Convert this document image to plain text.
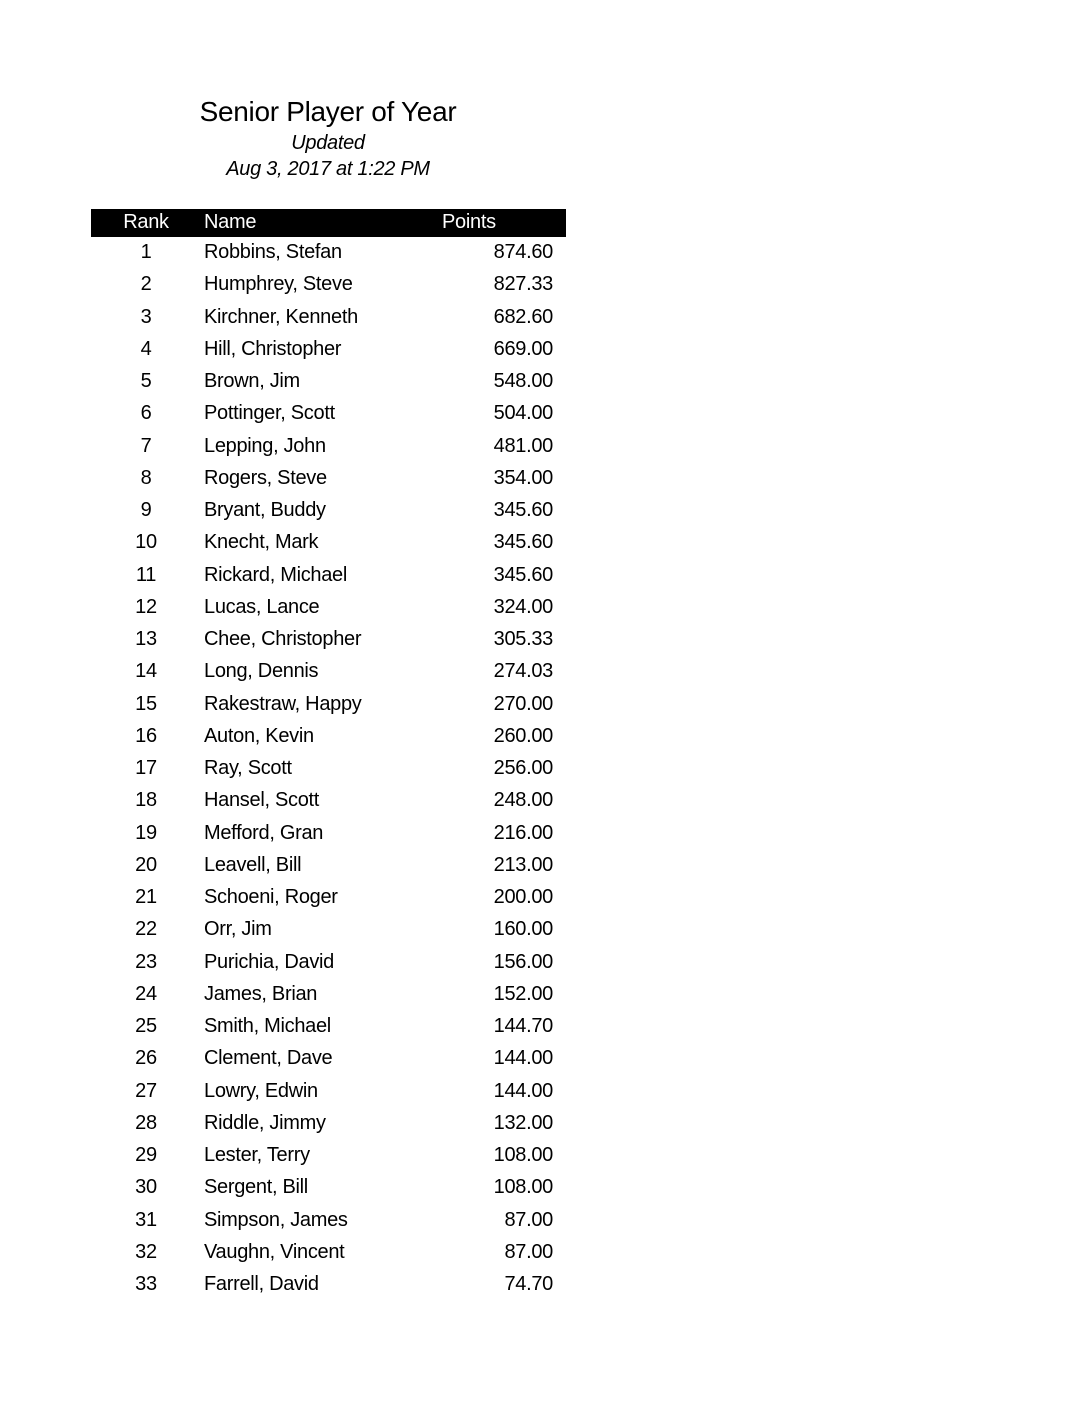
Senior Player of Year
Updated
Aug 3, 2017 at 1:22 PM
Rank	Name	Points
1	Robbins, Stefan	874.60
2	Humphrey, Steve	827.33
3	Kirchner, Kenneth	682.60
4	Hill, Christopher	669.00
5	Brown, Jim	548.00
6	Pottinger, Scott	504.00
7	Lepping, John	481.00
8	Rogers, Steve	354.00
9	Bryant, Buddy	345.60
10	Knecht, Mark	345.60
11	Rickard, Michael	345.60
12	Lucas, Lance	324.00
13	Chee, Christopher	305.33
14	Long, Dennis	274.03
15	Rakestraw, Happy	270.00
16	Auton, Kevin	260.00
17	Ray, Scott	256.00
18	Hansel, Scott	248.00
19	Mefford, Gran	216.00
20	Leavell, Bill	213.00
21	Schoeni, Roger	200.00
22	Orr, Jim	160.00
23	Purichia, David	156.00
24	James, Brian	152.00
25	Smith, Michael	144.70
26	Clement, Dave	144.00
27	Lowry, Edwin	144.00
28	Riddle, Jimmy	132.00
29	Lester, Terry	108.00
30	Sergent, Bill	108.00
31	Simpson, James	87.00
32	Vaughn, Vincent	87.00
33	Farrell, David	74.70
